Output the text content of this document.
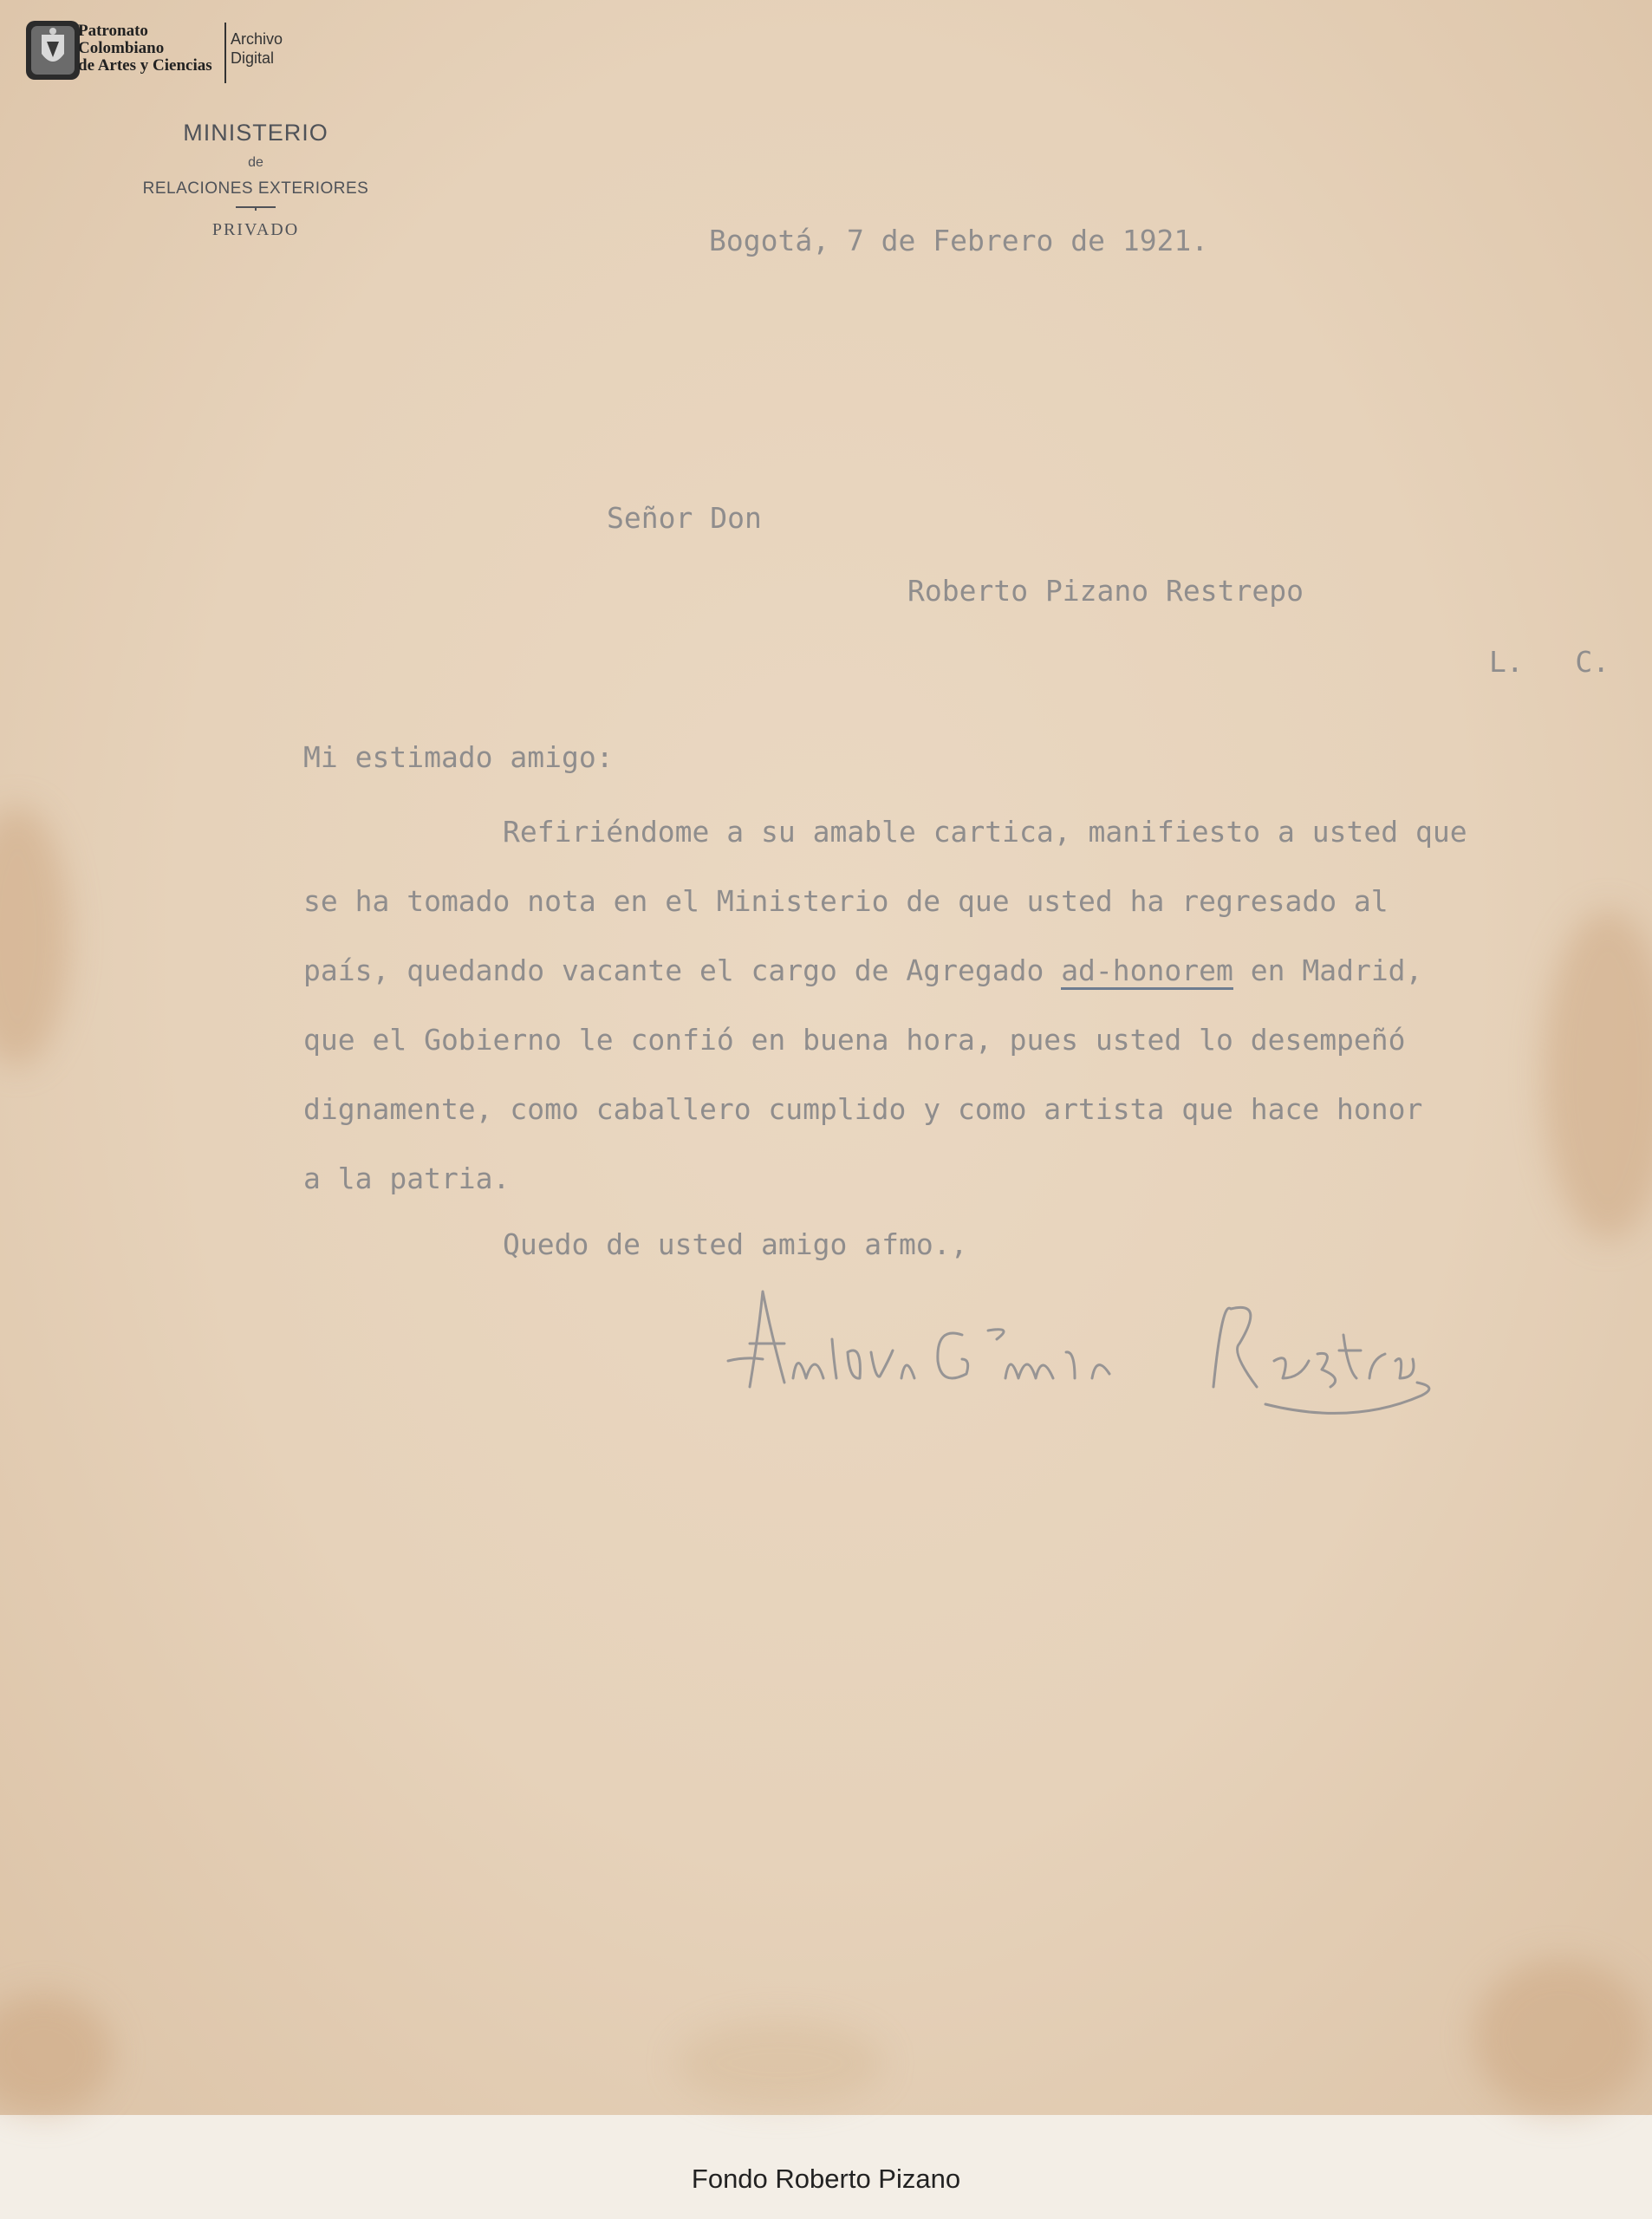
Patronato
Colombiano
de Artes y Ciencias
Archivo
Digital
MINISTERIO
de
RELACIONES EXTERIORES
PRIVADO	Bogotá, 7 de Febrero de 1921.
Señor Don
Roberto Pizano Restrepo
L.   C.
Mi estimado amigo:
Refiriéndome a su amable cartica, manifiesto a usted que
se ha tomado nota en el Ministerio de que usted ha regresado al
país, quedando vacante el cargo de Agregado ad-honorem en Madrid,
que el Gobierno le confió en buena hora, pues usted lo desempeñó
dignamente, como caballero cumplido y como artista que hace honor
a la patria.
Quedo de usted amigo afmo.,
Fondo Roberto Pizano
